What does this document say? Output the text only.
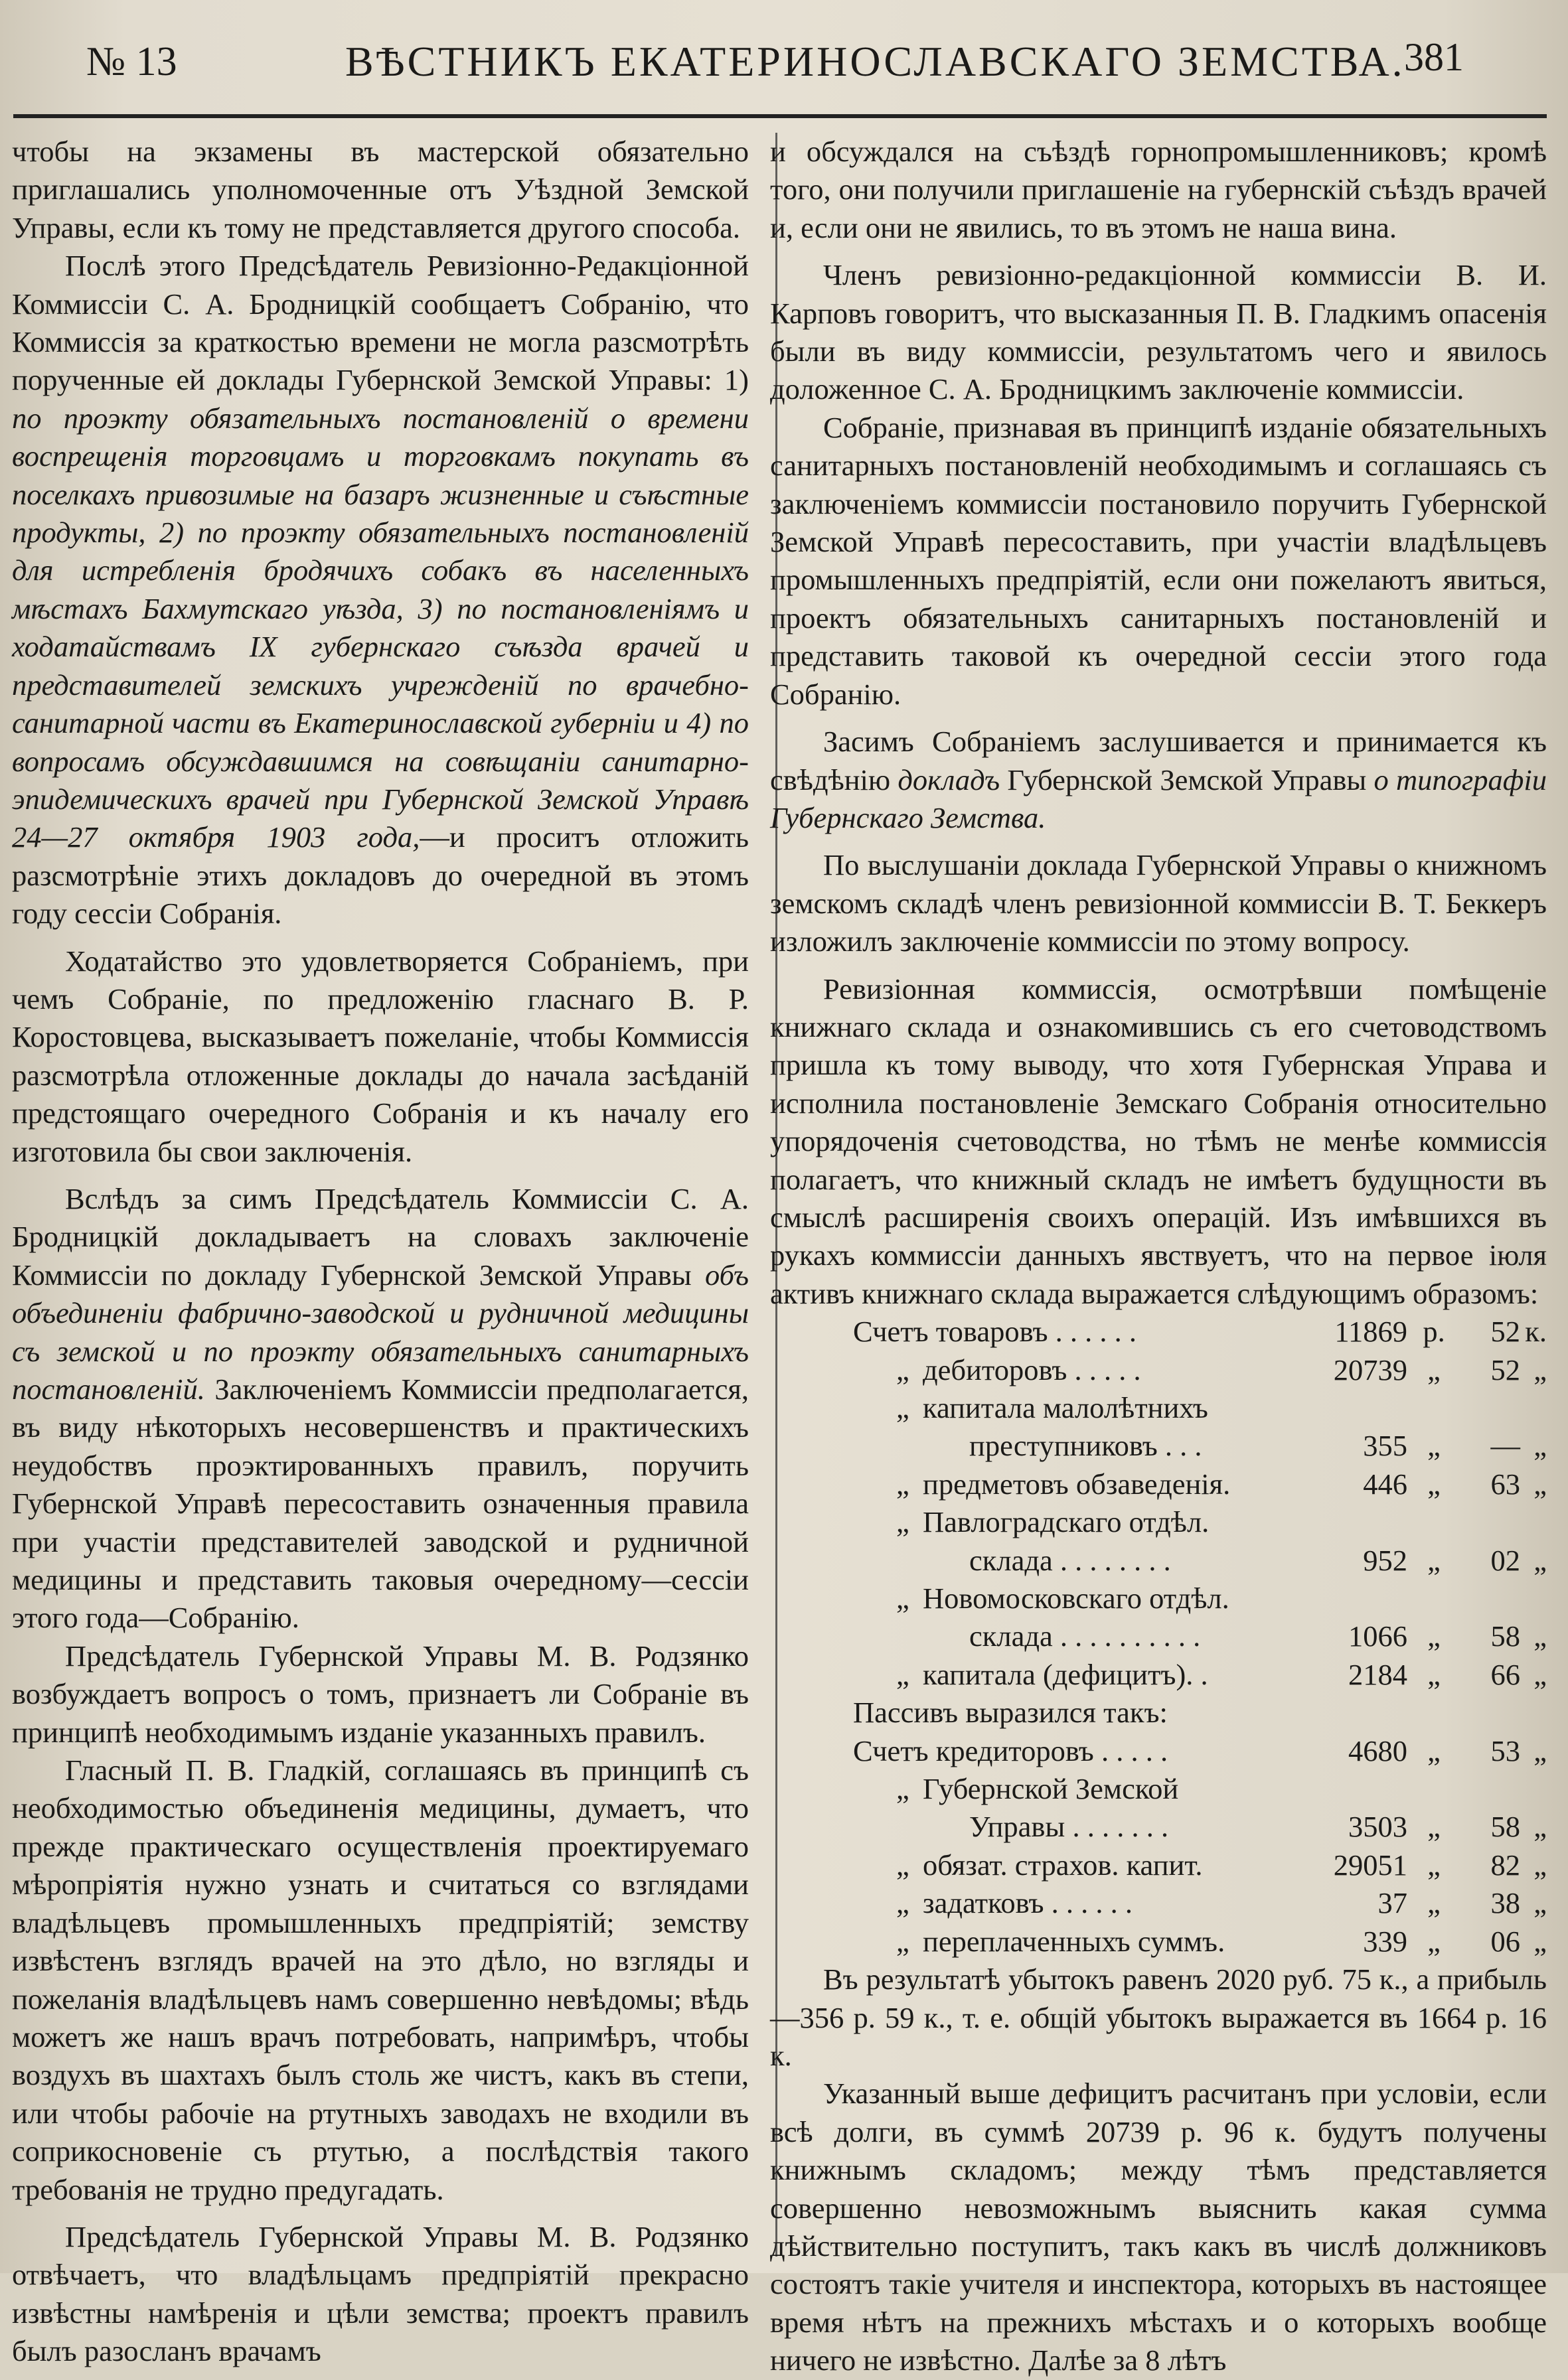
№ 13	ВѢСТНИКЪ ЕКАТЕРИНОСЛАВСКАГО ЗЕМСТВА.
381

чтобы на экзамены въ мастерской обязательно приглашались уполномоченные отъ Уѣздной Земской Управы, если къ тому не представляется другого способа.

Послѣ этого Предсѣдатель Ревизіонно-Редакціонной Коммиссіи С. А. Бродницкій сообщаетъ Собранію, что Коммиссія за краткостью времени не могла разсмотрѣть порученные ей доклады Губернской Земской Управы: 1) по проэкту обязательныхъ постановленій о времени воспрещенія торговцамъ и торговкамъ покупать въ поселкахъ привозимые на базаръ жизненные и съѣстные продукты, 2) по проэкту обязательныхъ постановленій для истребленія бродячихъ собакъ въ населенныхъ мѣстахъ Бахмутскаго уѣзда, 3) по постановленіямъ и ходатайствамъ IX губернскаго съѣзда врачей и представителей земскихъ учрежденій по врачебно-санитарной части въ Екатеринославской губерніи и 4) по вопросамъ обсуждавшимся на совѣщаніи санитарно-эпидемическихъ врачей при Губернской Земской Управѣ 24—27 октября 1903 года,—и проситъ отложить разсмотрѣніе этихъ докладовъ до очередной въ этомъ году сессіи Собранія.

Ходатайство это удовлетворяется Собраніемъ, при чемъ Собраніе, по предложенію гласнаго В. Р. Коростовцева, высказываетъ пожеланіе, чтобы Коммиссія разсмотрѣла отложенные доклады до начала засѣданій предстоящаго очередного Собранія и къ началу его изготовила бы свои заключенія.

Вслѣдъ за симъ Предсѣдатель Коммиссіи С. А. Бродницкій докладываетъ на словахъ заключеніе Коммиссіи по докладу Губернской Земской Управы объ объединеніи фабрично-заводской и рудничной медицины съ земской и по проэкту обязательныхъ санитарныхъ постановленій. Заключеніемъ Коммиссіи предполагается, въ виду нѣкоторыхъ несовершенствъ и практическихъ неудобствъ проэктированныхъ правилъ, поручить Губернской Управѣ пересоставить означенныя правила при участіи представителей заводской и рудничной медицины и представить таковыя очередному—сессіи этого года—Собранію.

Предсѣдатель Губернской Управы М. В. Родзянко возбуждаетъ вопросъ о томъ, признаетъ ли Собраніе въ принципѣ необходимымъ изданіе указанныхъ правилъ.

Гласный П. В. Гладкій, соглашаясь въ принципѣ съ необходимостью объединенія медицины, думаетъ, что прежде практическаго осуществленія проектируемаго мѣропріятія нужно узнать и считаться со взглядами владѣльцевъ промышленныхъ предпріятій; земству извѣстенъ взглядъ врачей на это дѣло, но взгляды и пожеланія владѣльцевъ намъ совершенно невѣдомы; вѣдь можетъ же нашъ врачъ потребовать, напримѣръ, чтобы воздухъ въ шахтахъ былъ столь же чистъ, какъ въ степи, или чтобы рабочіе на ртутныхъ заводахъ не входили въ соприкосновеніе съ ртутью, а послѣдствія такого требованія не трудно предугадать.

Предсѣдатель Губернской Управы М. В. Родзянко отвѣчаетъ, что владѣльцамъ предпріятій прекрасно извѣстны намѣренія и цѣли земства; проектъ правилъ былъ разосланъ врачамъ

и обсуждался на съѣздѣ горнопромышленниковъ; кромѣ того, они получили приглашеніе на губернскій съѣздъ врачей и, если они не явились, то въ этомъ не наша вина.

Членъ ревизіонно-редакціонной коммиссіи В. И. Карповъ говоритъ, что высказанныя П. В. Гладкимъ опасенія были въ виду коммиссіи, результатомъ чего и явилось доложенное С. А. Бродницкимъ заключеніе коммиссіи.

Собраніе, признавая въ принципѣ изданіе обязательныхъ санитарныхъ постановленій необходимымъ и соглашаясь съ заключеніемъ коммиссіи постановило поручить Губернской Земской Управѣ пересоставить, при участіи владѣльцевъ промышленныхъ предпріятій, если они пожелаютъ явиться, проектъ обязательныхъ санитарныхъ постановленій и представить таковой къ очередной сессіи этого года Собранію.

Засимъ Собраніемъ заслушивается и принимается къ свѣдѣнію докладъ Губернской Земской Управы о типографіи Губернскаго Земства.

По выслушаніи доклада Губернской Управы о книжномъ земскомъ складѣ членъ ревизіонной коммиссіи В. Т. Беккеръ изложилъ заключеніе коммиссіи по этому вопросу.

Ревизіонная коммиссія, осмотрѣвши помѣщеніе книжнаго склада и ознакомившись съ его счетоводствомъ пришла къ тому выводу, что хотя Губернская Управа и исполнила постановленіе Земскаго Собранія относительно упорядоченія счетоводства, но тѣмъ не менѣе коммиссія полагаетъ, что книжный складъ не имѣетъ будущности въ смыслѣ расширенія своихъ операцій. Изъ имѣвшихся въ рукахъ коммиссіи данныхъ явствуетъ, что на первое іюля активъ книжнаго склада выражается слѣдующимъ образомъ:

Счетъ товаровъ . . . . . .	11869 р.	52 к.
„ дебиторовъ . . . . .	20739 „	52 „
„ капитала малолѣтнихъ
преступниковъ . . .	355 „	— „
„ предметовъ обзаведенія.	446 „	63 „
„ Павлоградскаго отдѣл.
склада . . . . . . . .	952 „	02 „
„ Новомосковскаго отдѣл.
склада . . . . . . . . . .	1066 „	58 „
„ капитала (дефицитъ). .	2184 „	66 „

Пассивъ выразился такъ:

Счетъ кредиторовъ . . . . .	4680 „	53 „
„ Губернской Земской
Управы . . . . . . .	3503 „	58 „
„ обязат. страхов. капит.	29051 „	82 „
„ задатковъ . . . . . .	37 „	38 „
„ переплаченныхъ суммъ.	339 „	06 „

Въ результатѣ убытокъ равенъ 2020 руб. 75 к., а прибыль—356 р. 59 к., т. е. общій убытокъ выражается въ 1664 р. 16 к.

Указанный выше дефицитъ расчитанъ при условіи, если всѣ долги, въ суммѣ 20739 р. 96 к. будутъ получены книжнымъ складомъ; между тѣмъ представляется совершенно невозможнымъ выяснить какая сумма дѣйствительно поступитъ, такъ какъ въ числѣ должниковъ состоятъ такіе учителя и инспектора, которыхъ въ настоящее время нѣтъ на прежнихъ мѣстахъ и о которыхъ вообще ничего не извѣстно. Далѣе за 8 лѣтъ
